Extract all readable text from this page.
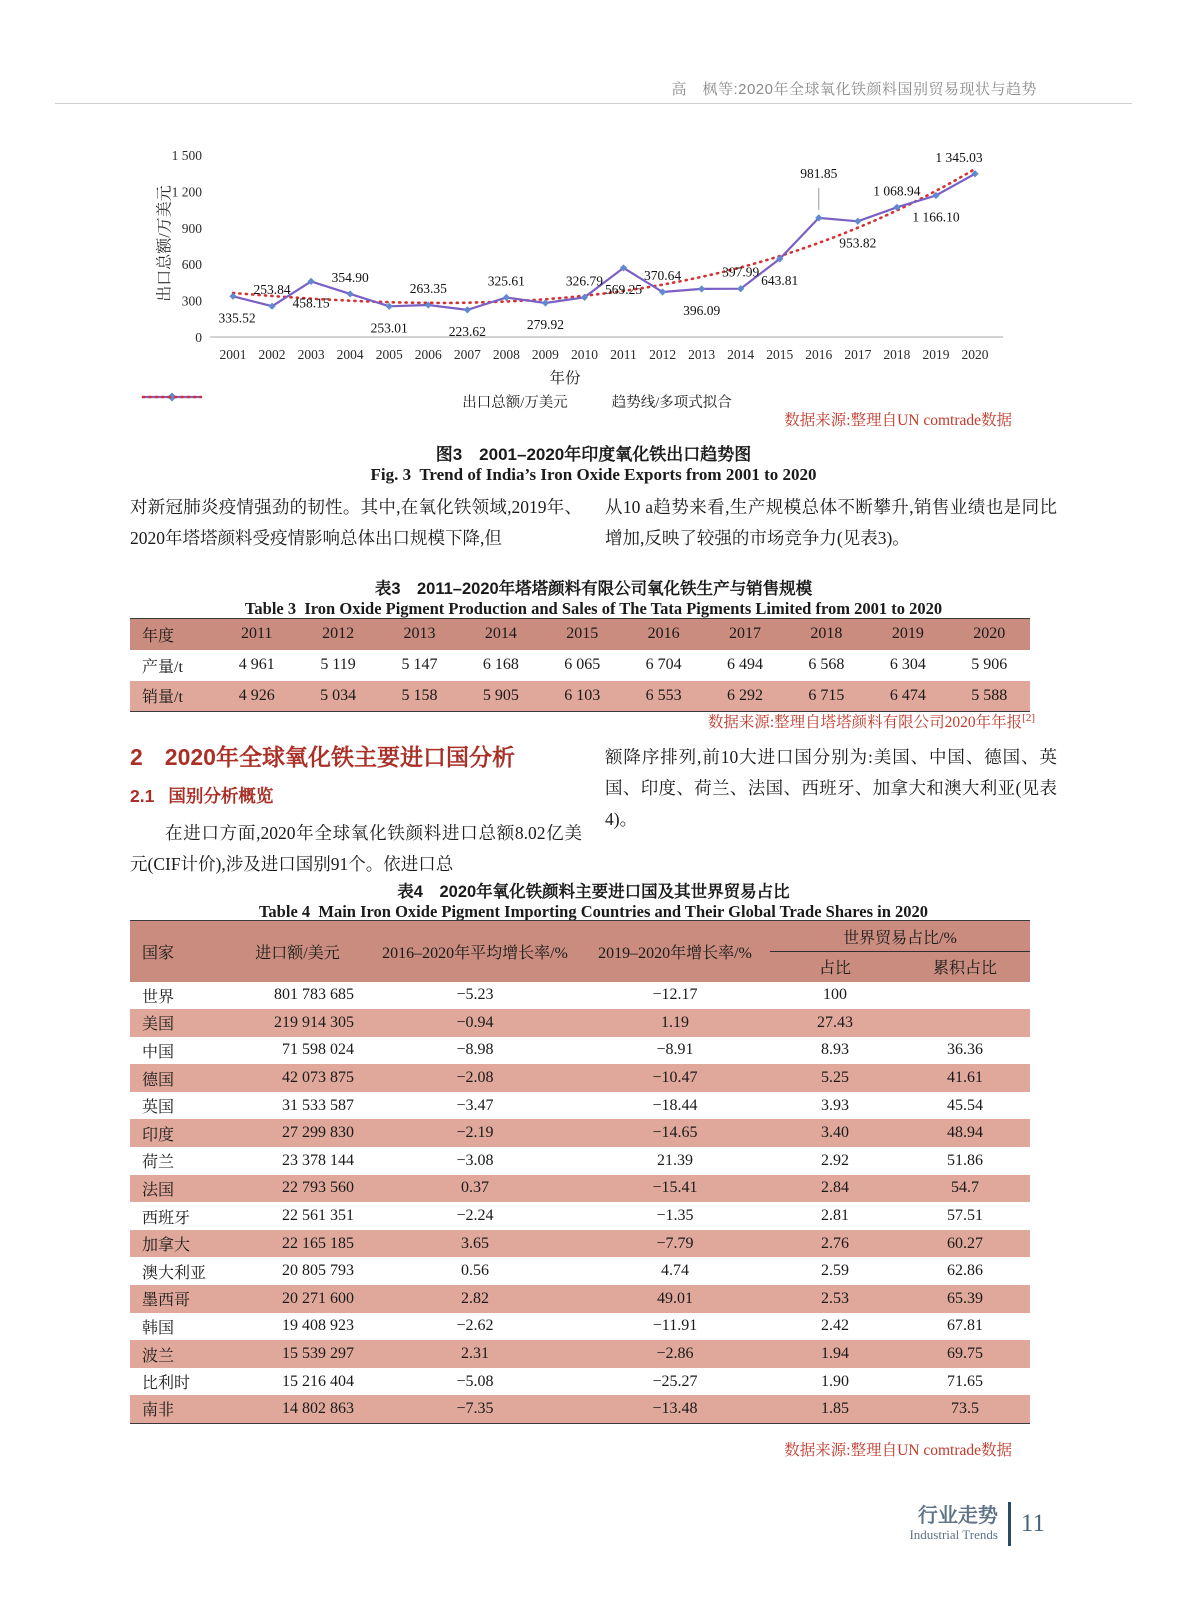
高　枫等:2020年全球氧化铁颜料国别贸易现状与趋势
出口总额/万美元
0
300
600
900
1 200
1 500
2001 2002 2003 2004 2005 2006 2007 2008 2009 2010 2011 2012 2013 2014 2015 2016 2017 2018 2019 2020
335.52
253.84
458.15
354.90
253.01
263.35
223.62
325.61
279.92
326.79
569.25
370.64
396.09
397.99
643.81
981.85
953.82
1 068.94
1 166.10
1 345.03
年份
出口总额/万美元	趋势线/多项式拟合
数据来源:整理自UN comtrade数据
图3　2001–2020年印度氧化铁出口趋势图
Fig. 3  Trend of India’s Iron Oxide Exports from 2001 to 2020
对新冠肺炎疫情强劲的韧性。其中,在氧化铁领域,2019年、2020年塔塔颜料受疫情影响总体出口规模下降,但
从10 a趋势来看,生产规模总体不断攀升,销售业绩也是同比增加,反映了较强的市场竞争力(见表3)。
表3　2011–2020年塔塔颜料有限公司氧化铁生产与销售规模
Table 3  Iron Oxide Pigment Production and Sales of The Tata Pigments Limited from 2001 to 2020
年度	2011	2012	2013	2014	2015	2016	2017	2018	2019	2020
产量/t	4 961	5 119	5 147	6 168	6 065	6 704	6 494	6 568	6 304	5 906
销量/t	4 926	5 034	5 158	5 905	6 103	6 553	6 292	6 715	6 474	5 588
数据来源:整理自塔塔颜料有限公司2020年年报[2]
2 2020年全球氧化铁主要进口国分析
2.1 国别分析概览
在进口方面,2020年全球氧化铁颜料进口总额8.02亿美元(CIF计价),涉及进口国别91个。依进口总
额降序排列,前10大进口国分别为:美国、中国、德国、英国、印度、荷兰、法国、西班牙、加拿大和澳大利亚(见表4)。
表4　2020年氧化铁颜料主要进口国及其世界贸易占比
Table 4  Main Iron Oxide Pigment Importing Countries and Their Global Trade Shares in 2020
国家	进口额/美元	2016–2020年平均增长率/%	2019–2020年增长率/%	世界贸易占比/%	
				占比	累积占比
世界	801 783 685	−5.23	−12.17	100	
美国	219 914 305	−0.94	1.19	27.43	
中国	71 598 024	−8.98	−8.91	8.93	36.36
德国	42 073 875	−2.08	−10.47	5.25	41.61
英国	31 533 587	−3.47	−18.44	3.93	45.54
印度	27 299 830	−2.19	−14.65	3.40	48.94
荷兰	23 378 144	−3.08	21.39	2.92	51.86
法国	22 793 560	0.37	−15.41	2.84	54.7
西班牙	22 561 351	−2.24	−1.35	2.81	57.51
加拿大	22 165 185	3.65	−7.79	2.76	60.27
澳大利亚	20 805 793	0.56	4.74	2.59	62.86
墨西哥	20 271 600	2.82	49.01	2.53	65.39
韩国	19 408 923	−2.62	−11.91	2.42	67.81
波兰	15 539 297	2.31	−2.86	1.94	69.75
比利时	15 216 404	−5.08	−25.27	1.90	71.65
南非	14 802 863	−7.35	−13.48	1.85	73.5
数据来源:整理自UN comtrade数据
行业走势
Industrial Trends 11
